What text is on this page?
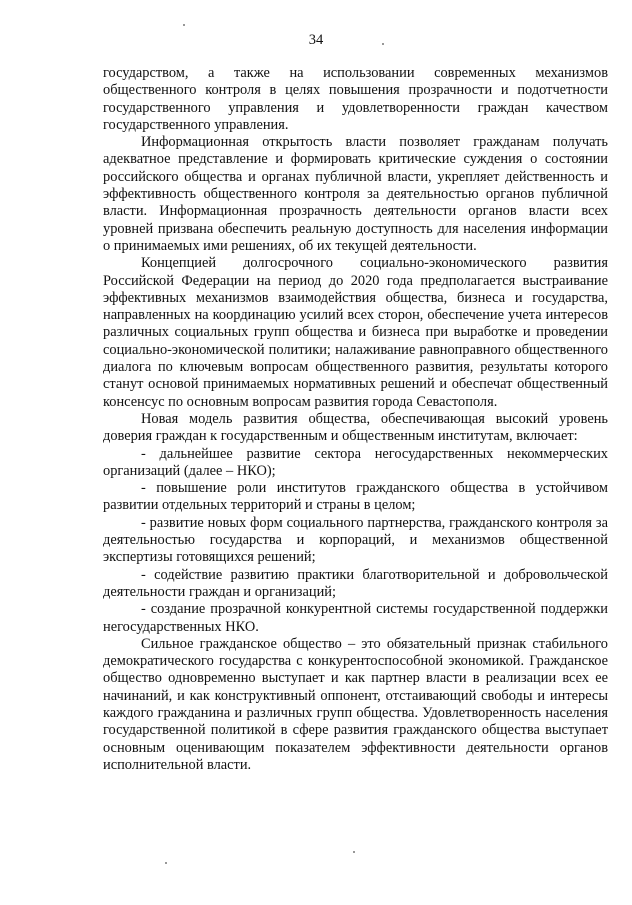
34

государством, а также на использовании современных механизмов общественного контроля в целях повышения прозрачности и подотчетности государственного управления и удовлетворенности граждан качеством государственного управления.

Информационная открытость власти позволяет гражданам получать адекватное представление и формировать критические суждения о состоянии российского общества и органах публичной власти, укрепляет действенность и эффективность общественного контроля за деятельностью органов публичной власти. Информационная прозрачность деятельности органов власти всех уровней призвана обеспечить реальную доступность для населения информации о принимаемых ими решениях, об их текущей деятельности.

Концепцией долгосрочного социально-экономического развития Российской Федерации на период до 2020 года предполагается выстраивание эффективных механизмов взаимодействия общества, бизнеса и государства, направленных на координацию усилий всех сторон, обеспечение учета интересов различных социальных групп общества и бизнеса при выработке и проведении социально-экономической политики; налаживание равноправного общественного диалога по ключевым вопросам общественного развития, результаты которого станут основой принимаемых нормативных решений и обеспечат общественный консенсус по основным вопросам развития города Севастополя.

Новая модель развития общества, обеспечивающая высокий уровень доверия граждан к государственным и общественным институтам, включает:

- дальнейшее развитие сектора негосударственных некоммерческих организаций (далее – НКО);

- повышение роли институтов гражданского общества в устойчивом развитии отдельных территорий и страны в целом;

- развитие новых форм социального партнерства, гражданского контроля за деятельностью государства и корпораций, и механизмов общественной экспертизы готовящихся решений;

- содействие развитию практики благотворительной и добровольческой деятельности граждан и организаций;

- создание прозрачной конкурентной системы государственной поддержки негосударственных НКО.

Сильное гражданское общество – это обязательный признак стабильного демократического государства с конкурентоспособной экономикой. Гражданское общество одновременно выступает и как партнер власти в реализации всех ее начинаний, и как конструктивный оппонент, отстаивающий свободы и интересы каждого гражданина и различных групп общества. Удовлетворенность населения государственной политикой в сфере развития гражданского общества выступает основным оценивающим показателем эффективности деятельности органов исполнительной власти.
